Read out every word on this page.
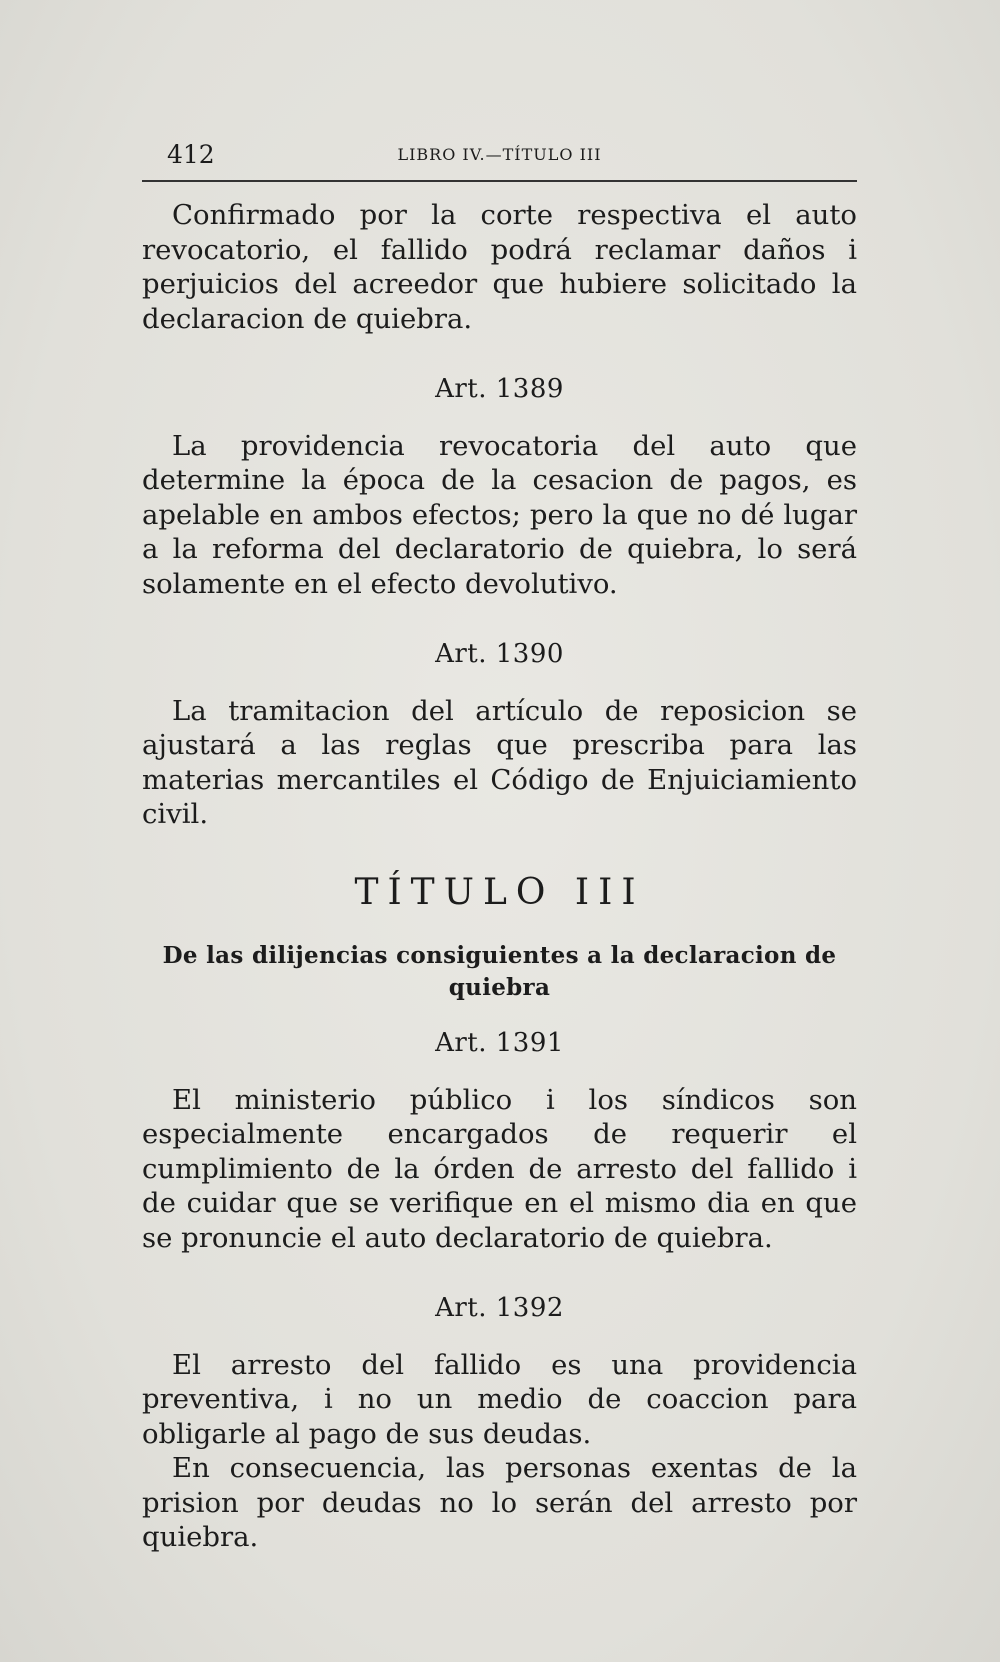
412	LIBRO IV.—TÍTULO III

Confirmado por la corte respectiva el auto revocatorio, el fallido podrá reclamar daños i perjuicios del acreedor que hubiere solicitado la declaracion de quiebra.

Art. 1389

La providencia revocatoria del auto que determine la época de la cesacion de pagos, es apelable en ambos efectos; pero la que no dé lugar a la reforma del declaratorio de quiebra, lo será solamente en el efecto devolutivo.

Art. 1390

La tramitacion del artículo de reposicion se ajustará a las reglas que prescriba para las materias mercantiles el Código de Enjuiciamiento civil.

TÍTULO III
De las dilijencias consiguientes a la declaracion de quiebra
Art. 1391

El ministerio público i los síndicos son especialmente encargados de requerir el cumplimiento de la órden de arresto del fallido i de cuidar que se verifique en el mismo dia en que se pronuncie el auto declaratorio de quiebra.

Art. 1392

El arresto del fallido es una providencia preventiva, i no un medio de coaccion para obligarle al pago de sus deudas.

En consecuencia, las personas exentas de la prision por deudas no lo serán del arresto por quiebra.
